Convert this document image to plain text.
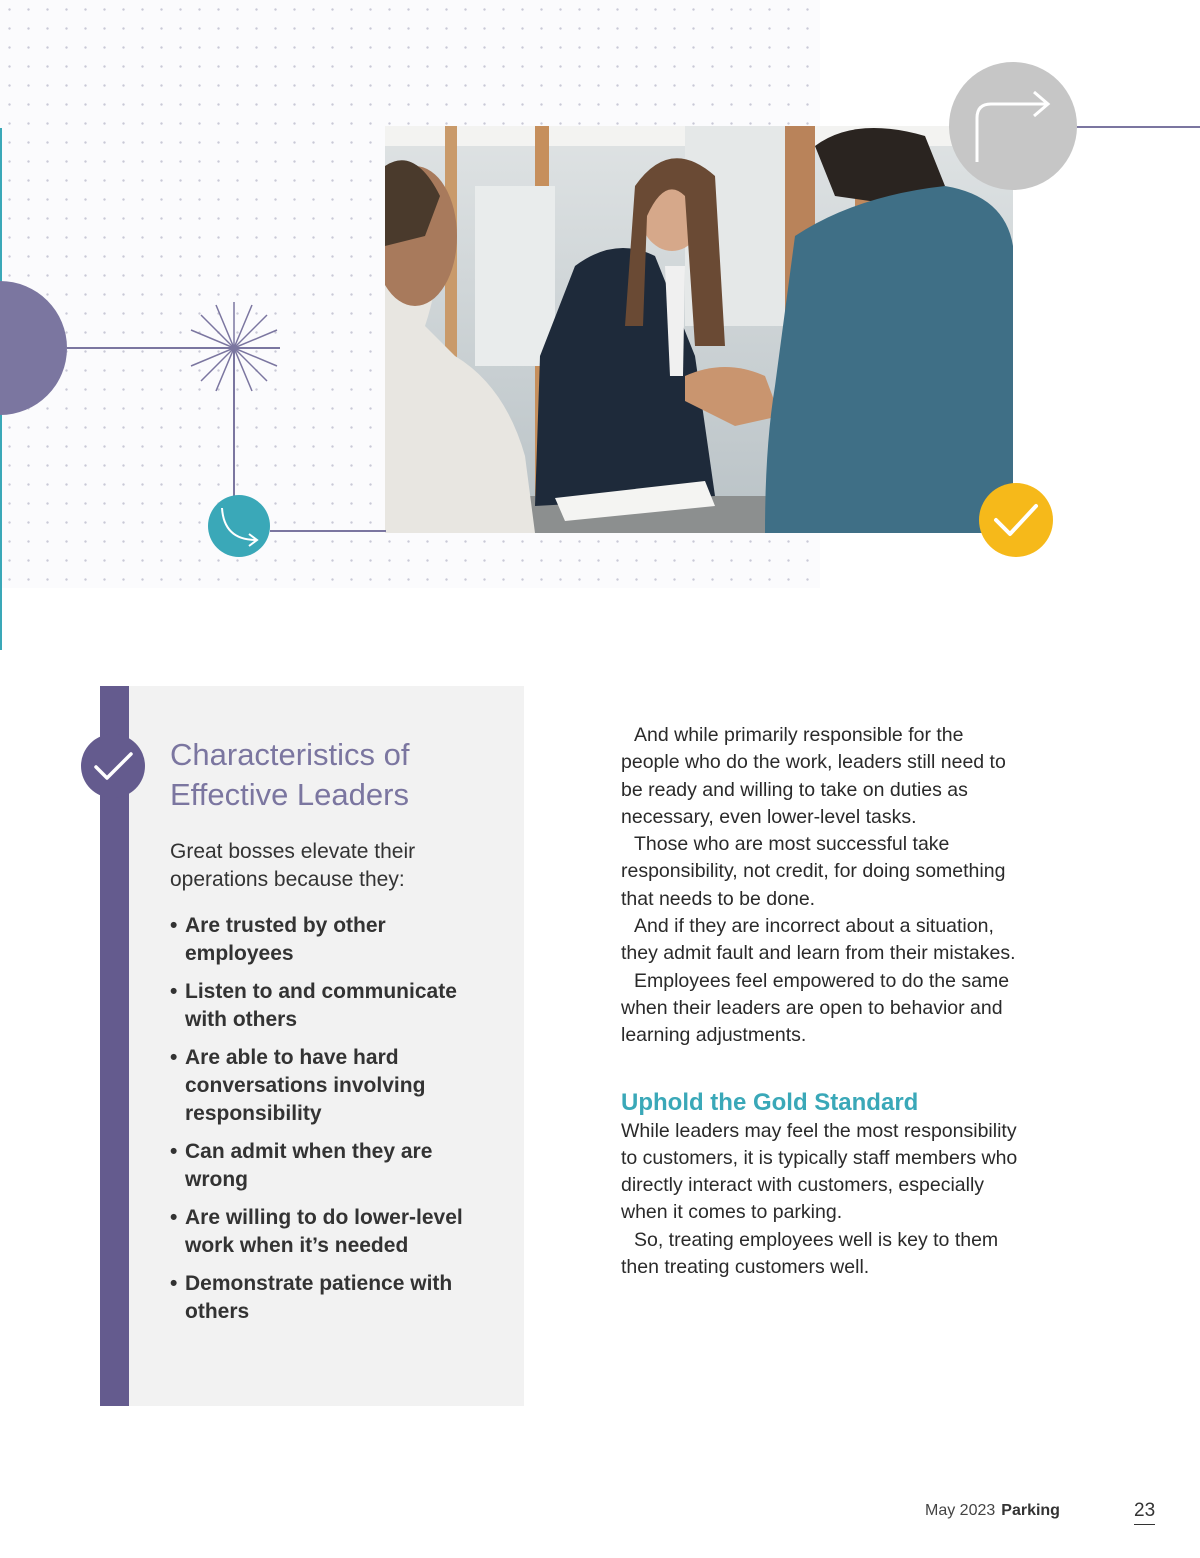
Characteristics of
Effective Leaders

Great bosses elevate their operations because they:

• Are trusted by other employees
• Listen to and communicate with others
• Are able to have hard conversations involving responsibility
• Can admit when they are wrong
• Are willing to do lower-level work when it’s needed
• Demonstrate patience with others

And while primarily responsible for the people who do the work, leaders still need to be ready and willing to take on duties as necessary, even lower-level tasks.

Those who are most successful take responsibility, not credit, for doing something that needs to be done.

And if they are incorrect about a situation, they admit fault and learn from their mistakes.

Employees feel empowered to do the same when their leaders are open to behavior and learning adjustments.

Uphold the Gold Standard

While leaders may feel the most responsibility to customers, it is typically staff members who directly interact with customers, especially when it comes to parking.

So, treating employees well is key to them then treating customers well.

May 2023 Parking	23
